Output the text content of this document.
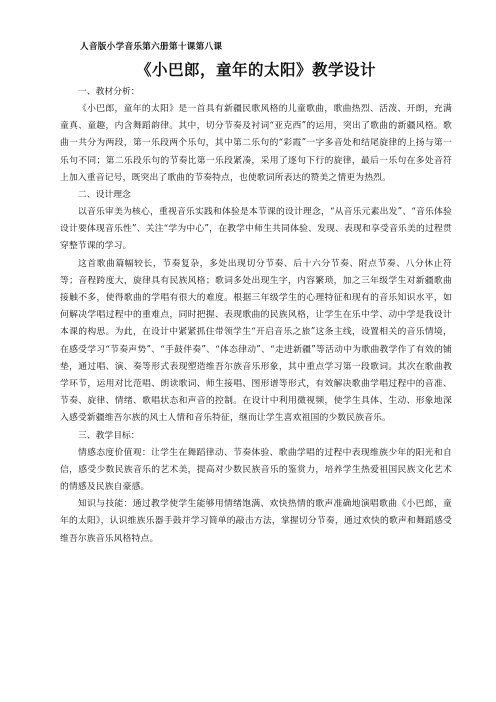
人音版小学音乐第六册第十课第八课
《小巴郎，童年的太阳》教学设计

一、教材分析：

《小巴郎，童年的太阳》是一首具有新疆民歌风格的儿童歌曲，歌曲热烈、活泼、开朗，充满童真、童趣，内含舞蹈韵律。其中，切分节奏及衬词“亚克西”的运用，突出了歌曲的新疆风格。歌曲一共分为两段，第一乐段两个乐句，其中第二乐句的“彩霞”一字多音处和结尾旋律的上扬与第一乐句不同；第二乐段乐句的节奏比第一乐段紧凑，采用了逐句下行的旋律，最后一乐句在多处音符上加入重音记号，既突出了歌曲的节奏特点，也使歌词所表达的赞美之情更为热烈。

二、设计理念

以音乐审美为核心，重视音乐实践和体验是本节课的设计理念，“从音乐元素出发”、“音乐体验设计要体现音乐性”、关注“学为中心”，在教学中师生共同体验、发现、表现和享受音乐美的过程贯穿整节课的学习。

这首歌曲篇幅较长，节奏复杂，多处出现切分节奏、后十六分节奏、附点节奏、八分休止符等；音程跨度大，旋律具有民族风格；歌词多处出现生字，内容繁琐，加之三年级学生对新疆歌曲接触不多，使得歌曲的学唱有很大的难度。根据三年级学生的心理特征和现有的音乐知识水平，如何解决学唱过程中的重难点，同时把握、表现歌曲的民族风格，让学生在乐中学、动中学是我设计本课的构思。为此，在设计中紧紧抓住带领学生“开启音乐之旅”这条主线，设置相关的音乐情境，在感受学习“节奏声势”、“手鼓伴奏”、“体态律动”、“走进新疆”等活动中为歌曲教学作了有效的铺垫，通过唱、演、奏等形式表现塑造维吾尔族音乐形象，其中重点学习第一段歌词。其次在歌曲教学环节，运用对比范唱、朗读歌词、师生接唱、图形谱等形式，有效解决歌曲学唱过程中的音准、节奏、旋律、情绪、歌唱状态和声音的控制。在设计中利用微视频，使学生具体、生动、形象地深入感受新疆维吾尔族的风土人情和音乐特征，继而让学生喜欢祖国的少数民族音乐。

三、教学目标：

情感态度价值观：让学生在舞蹈律动、节奏体验、歌曲学唱的过程中表现维族少年的阳光和自信，感受少数民族音乐的艺术美，提高对少数民族音乐的鉴赏力，培养学生热爱祖国民族文化艺术的情感及民族自豪感。

知识与技能：通过教学使学生能够用情绪饱满、欢快热情的歌声准确地演唱歌曲《小巴郎，童年的太阳》，认识维族乐器手鼓并学习简单的敲击方法，掌握切分节奏，通过欢快的歌声和舞蹈感受维吾尔族音乐风格特点。
